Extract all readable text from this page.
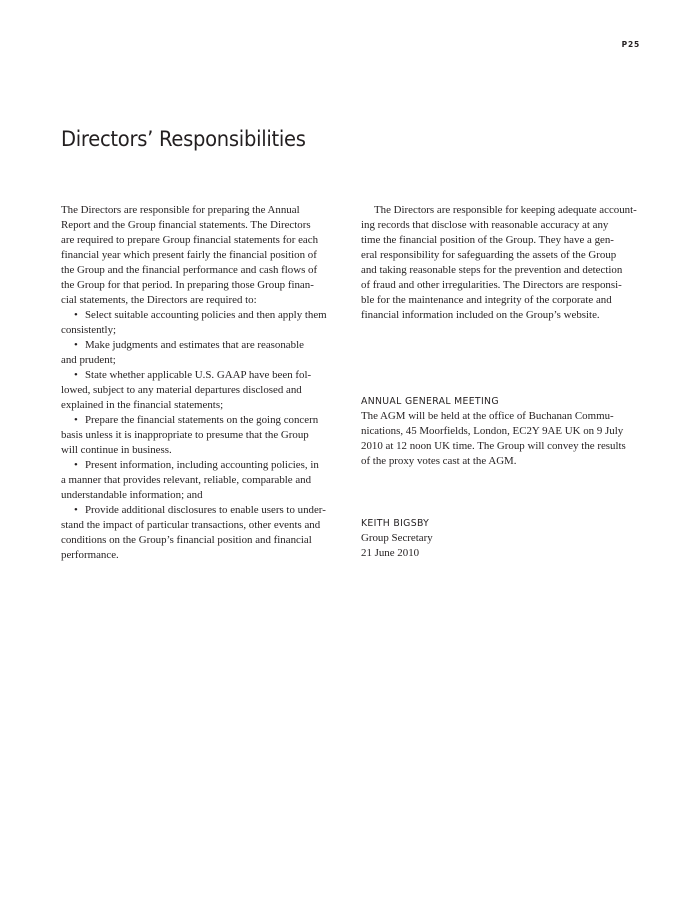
P25
Directors’ Responsibilities

The Directors are responsible for preparing the Annual
Report and the Group financial statements. The Directors
are required to prepare Group financial statements for each
financial year which present fairly the financial position of
the Group and the financial performance and cash flows of
the Group for that period. In preparing those Group finan-
cial statements, the Directors are required to:

• Select suitable accounting policies and then apply them
consistently;

• Make judgments and estimates that are reasonable
and prudent;

• State whether applicable U.S. GAAP have been fol-
lowed, subject to any material departures disclosed and
explained in the financial statements;

• Prepare the financial statements on the going concern
basis unless it is inappropriate to presume that the Group
will continue in business.

• Present information, including accounting policies, in
a manner that provides relevant, reliable, comparable and
understandable information; and

• Provide additional disclosures to enable users to under-
stand the impact of particular transactions, other events and
conditions on the Group’s financial position and financial
performance.

The Directors are responsible for keeping adequate account-
ing records that disclose with reasonable accuracy at any
time the financial position of the Group. They have a gen-
eral responsibility for safeguarding the assets of the Group
and taking reasonable steps for the prevention and detection
of fraud and other irregularities. The Directors are responsi-
ble for the maintenance and integrity of the corporate and
financial information included on the Group’s website.

ANNUAL GENERAL MEETING

The AGM will be held at the office of Buchanan Commu-
nications, 45 Moorfields, London, EC2Y 9AE UK on 9 July
2010 at 12 noon UK time. The Group will convey the results
of the proxy votes cast at the AGM.

KEITH BIGSBY

Group Secretary
21 June 2010
